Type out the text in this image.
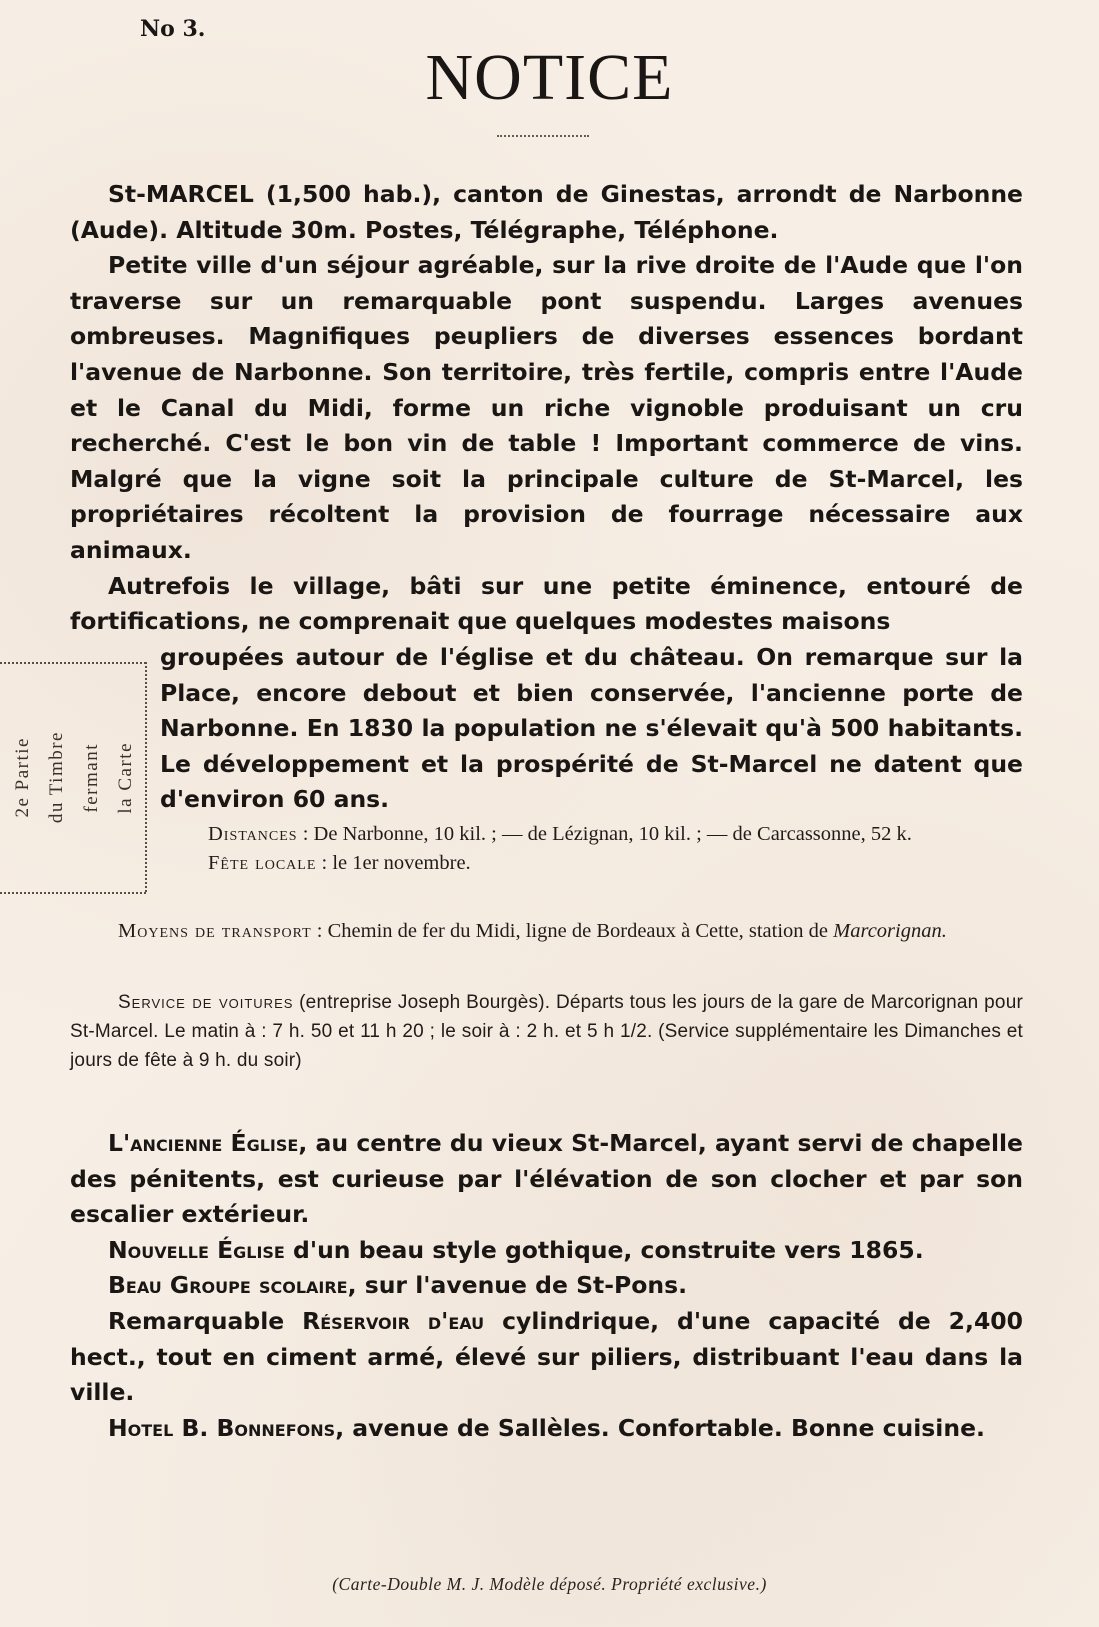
No 3.
NOTICE

St-MARCEL (1,500 hab.), canton de Ginestas, arrondt de Narbonne (Aude). Altitude 30m. Postes, Télégraphe, Téléphone.

Petite ville d'un séjour agréable, sur la rive droite de l'Aude que l'on traverse sur un remarquable pont suspendu. Larges avenues ombreuses. Magnifiques peupliers de diverses essences bordant l'avenue de Narbonne. Son territoire, très fertile, compris entre l'Aude et le Canal du Midi, forme un riche vignoble produisant un cru recherché. C'est le bon vin de table ! Important commerce de vins. Malgré que la vigne soit la principale culture de St-Marcel, les propriétaires récoltent la provision de fourrage nécessaire aux animaux.

Autrefois le village, bâti sur une petite éminence, entouré de fortifications, ne comprenait que quelques modestes maisons

2e Partie du Timbre fermant la Carte

groupées autour de l'église et du château. On remarque sur la Place, encore debout et bien conservée, l'ancienne porte de Narbonne. En 1830 la population ne s'élevait qu'à 500 habitants. Le développement et la prospérité de St-Marcel ne datent que d'environ 60 ans.

Distances : De Narbonne, 10 kil. ; — de Lézignan, 10 kil. ; — de Carcassonne, 52 k.

Fête locale : le 1er novembre.

Moyens de transport : Chemin de fer du Midi, ligne de Bordeaux à Cette, station de Marcorignan.

Service de voitures (entreprise Joseph Bourgès). Départs tous les jours de la gare de Marcorignan pour St-Marcel. Le matin à : 7 h. 50 et 11 h 20 ; le soir à : 2 h. et 5 h 1/2. (Service supplémentaire les Dimanches et jours de fête à 9 h. du soir)

L'ancienne Église, au centre du vieux St-Marcel, ayant servi de chapelle des pénitents, est curieuse par l'élévation de son clocher et par son escalier extérieur.

Nouvelle Église d'un beau style gothique, construite vers 1865.

Beau Groupe scolaire, sur l'avenue de St-Pons.

Remarquable Réservoir d'eau cylindrique, d'une capacité de 2,400 hect., tout en ciment armé, élevé sur piliers, distribuant l'eau dans la ville.

Hotel B. Bonnefons, avenue de Sallèles. Confortable. Bonne cuisine.

(Carte-Double M. J. Modèle déposé. Propriété exclusive.)
